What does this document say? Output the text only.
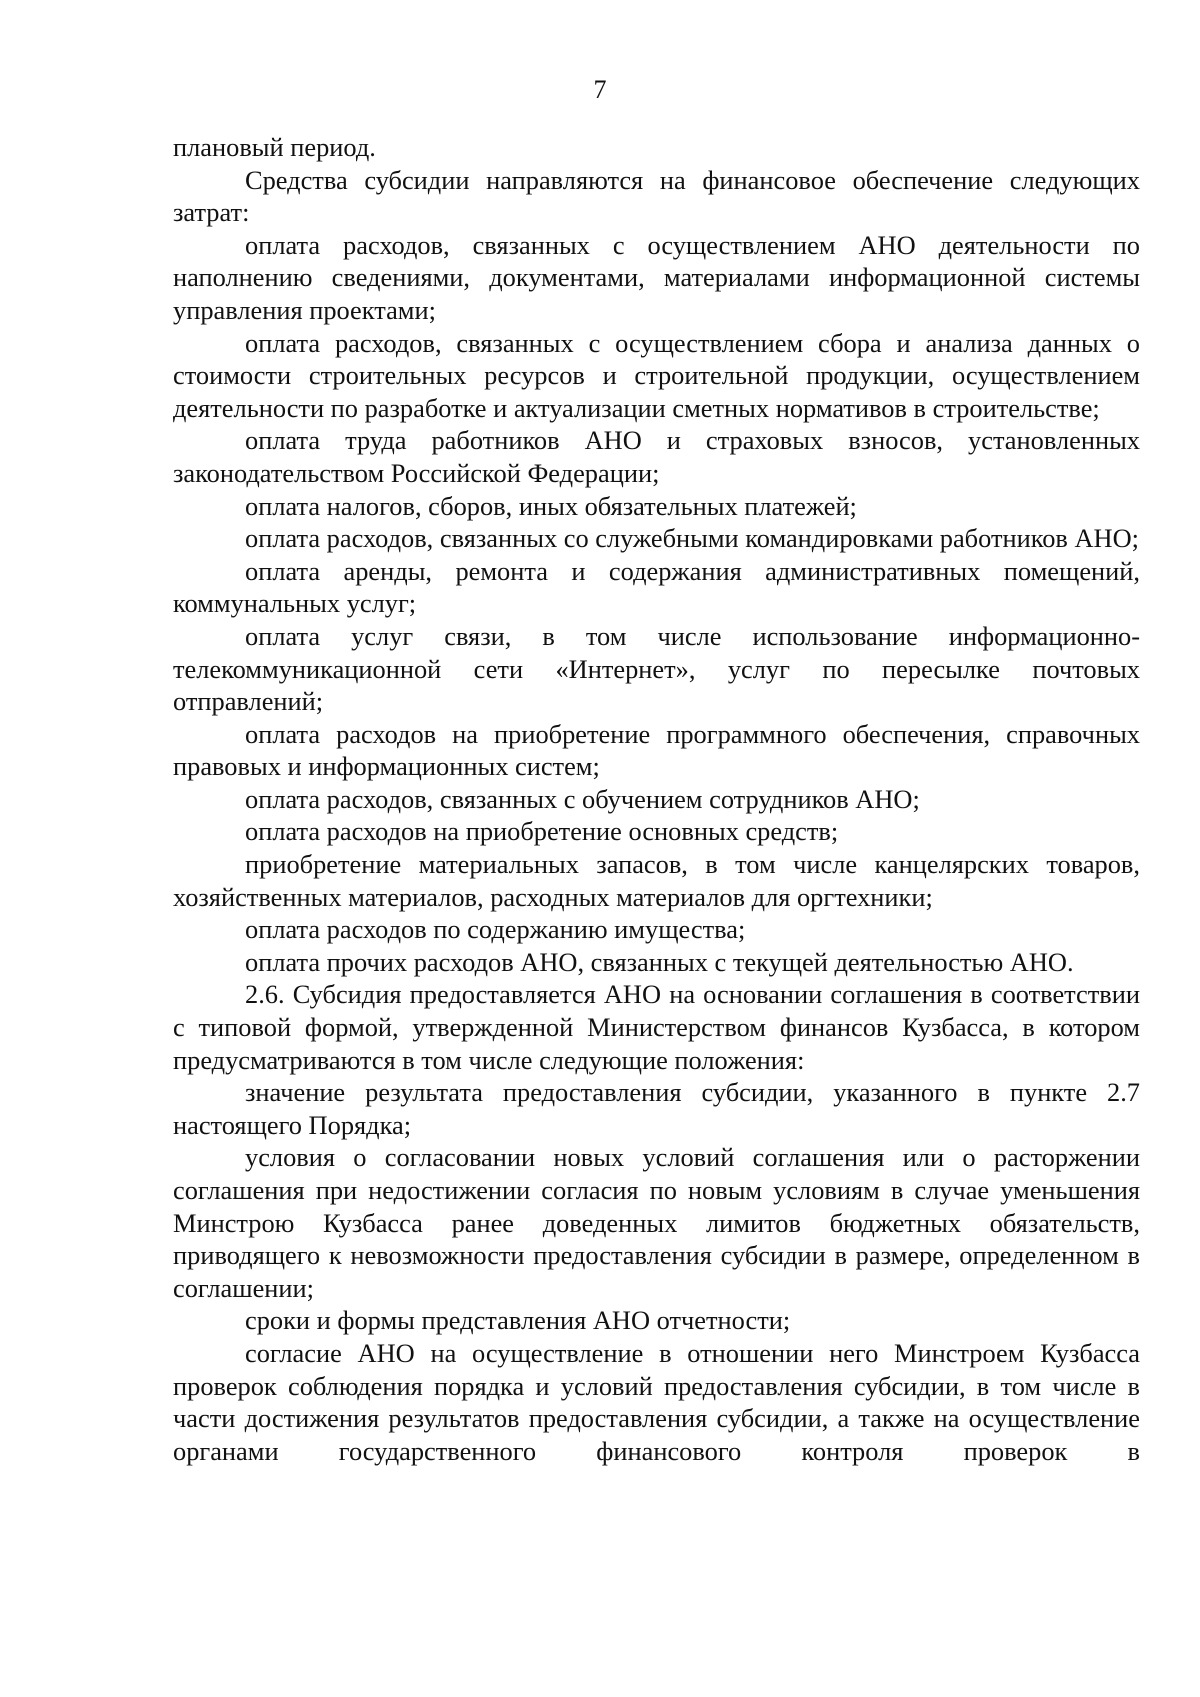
7

плановый период.

Средства субсидии направляются на финансовое обеспечение следующих затрат:

оплата расходов, связанных с осуществлением АНО деятельности по наполнению сведениями, документами, материалами информационной системы управления проектами;

оплата расходов, связанных с осуществлением сбора и анализа данных о стоимости строительных ресурсов и строительной продукции, осуществлением деятельности по разработке и актуализации сметных нормативов в строительстве;

оплата труда работников АНО и страховых взносов, установленных законодательством Российской Федерации;

оплата налогов, сборов, иных обязательных платежей;

оплата расходов, связанных со служебными командировками работников АНО;

оплата аренды, ремонта и содержания административных помещений, коммунальных услуг;

оплата услуг связи, в том числе использование информационно-телекоммуникационной сети «Интернет», услуг по пересылке почтовых отправлений;

оплата расходов на приобретение программного обеспечения, справочных правовых и информационных систем;

оплата расходов, связанных с обучением сотрудников АНО;

оплата расходов на приобретение основных средств;

приобретение материальных запасов, в том числе канцелярских товаров, хозяйственных материалов, расходных материалов для оргтехники;

оплата расходов по содержанию имущества;

оплата прочих расходов АНО, связанных с текущей деятельностью АНО.

2.6. Субсидия предоставляется АНО на основании соглашения в соответствии с типовой формой, утвержденной Министерством финансов Кузбасса, в котором предусматриваются в том числе следующие положения:

значение результата предоставления субсидии, указанного в пункте 2.7 настоящего Порядка;

условия о согласовании новых условий соглашения или о расторжении соглашения при недостижении согласия по новым условиям в случае уменьшения Минстрою Кузбасса ранее доведенных лимитов бюджетных обязательств, приводящего к невозможности предоставления субсидии в размере, определенном в соглашении;

сроки и формы представления АНО отчетности;

согласие АНО на осуществление в отношении него Минстроем Кузбасса проверок соблюдения порядка и условий предоставления субсидии, в том числе в части достижения результатов предоставления субсидии, а также на осуществление органами государственного финансового контроля проверок в
